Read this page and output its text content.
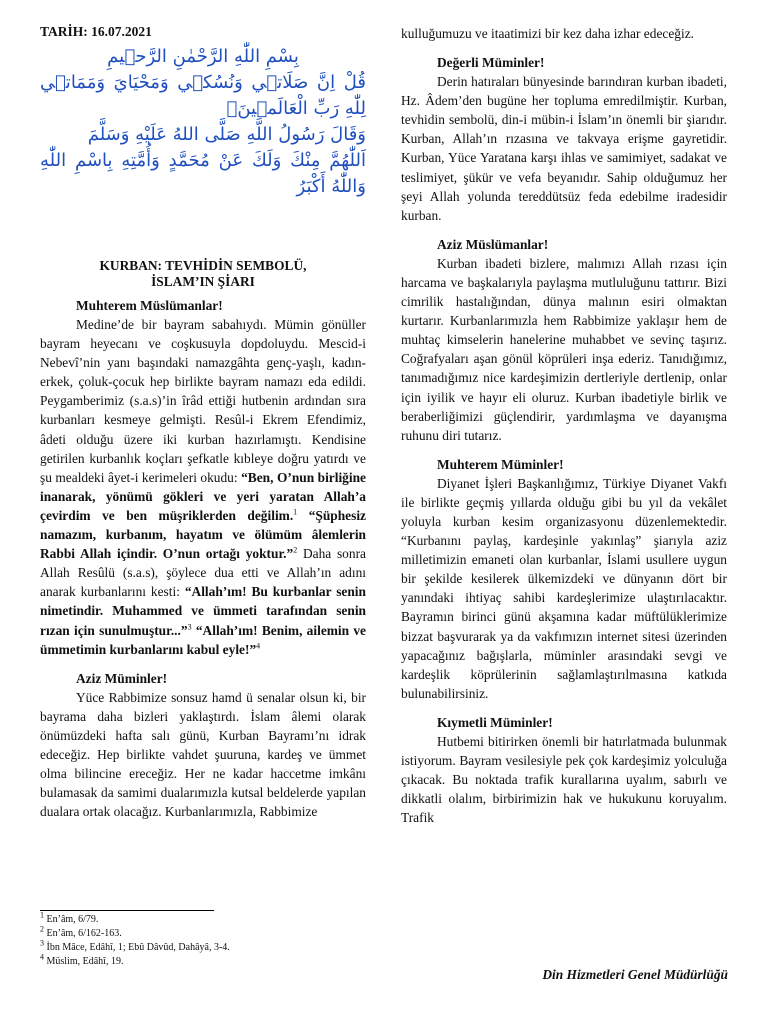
TARİH: 16.07.2021
بِسْمِ اللّٰهِ الرَّحْمٰنِ الرَّح۪يمِ
قُلْ اِنَّ صَلَاتٖي وَنُسُكٖي وَمَحْيَايَ وَمَمَاتٖي لِلّٰهِ رَبِّ الْعَالَم۪ينَۙ
وَقَالَ رَسُولُ اللَّهِ صَلَّى اللهُ عَلَيْهِ وَسَلَّمَ
اَللّٰهُمَّ مِنْكَ وَلَكَ عَنْ مُحَمَّدٍ وَأُمَّتِهِ بِاسْمِ اللّٰهِ وَاللّٰهُ أَكْبَرُ
KURBAN: TEVHİDİN SEMBOLÜ,
İSLAM’IN ŞİARI
Muhterem Müslümanlar!

Medine’de bir bayram sabahıydı. Mümin gönüller bayram heyecanı ve coşkusuyla dopdoluydu. Mescid-i Nebevî’nin yanı başındaki namazgâhta genç-yaşlı, kadın-erkek, çoluk-çocuk hep birlikte bayram namazı eda edildi. Peygamberimiz (s.a.s)’in îrâd ettiği hutbenin ardından sıra kurbanları kesmeye gelmişti. Resûl-i Ekrem Efendimiz, âdeti olduğu üzere iki kurban hazırlamıştı. Kendisine getirilen kurbanlık koçları şefkatle kıbleye doğru yatırdı ve şu mealdeki âyet-i kerimeleri okudu: “Ben, O’nun birliğine inanarak, yönümü gökleri ve yeri yaratan Allah’a çevirdim ve ben müşriklerden değilim.$^1$ “Şüphesiz namazım, kurbanım, hayatım ve ölümüm âlemlerin Rabbi Allah içindir. O’nun ortağı yoktur.”$^2$ Daha sonra Allah Resûlü (s.a.s), şöylece dua etti ve Allah’ın adını anarak kurbanlarını kesti: “Allah’ım! Bu kurbanlar senin nimetindir. Muhammed ve ümmeti tarafından senin rızan için sunulmuştur...”$^3$ “Allah’ım! Benim, ailemin ve ümmetimin kurbanlarını kabul eyle!”$^4$

Aziz Müminler!

Yüce Rabbimize sonsuz hamd ü senalar olsun ki, bir bayrama daha bizleri yaklaştırdı. İslam âlemi olarak önümüzdeki hafta salı günü, Kurban Bayramı’nı idrak edeceğiz. Hep birlikte vahdet şuuruna, kardeş ve ümmet olma bilincine ereceğiz. Her ne kadar haccetme imkânı bulamasak da samimi dualarımızla kutsal beldelerde yapılan dualara ortak olacağız. Kurbanlarımızla, Rabbimize

$^1$ En’âm, 6/79.
$^2$ En’âm, 6/162-163.
$^3$ İbn Mâce, Edâhî, 1; Ebû Dâvûd, Dahâyâ, 3-4.
$^4$ Müslim, Edâhî, 19.

kulluğumuzu ve itaatimizi bir kez daha izhar edeceğiz.

Değerli Müminler!

Derin hatıraları bünyesinde barındıran kurban ibadeti, Hz. Âdem’den bugüne her topluma emredilmiştir. Kurban, tevhidin sembolü, din-i mübin-i İslam’ın önemli bir şiarıdır. Kurban, Allah’ın rızasına ve takvaya erişme gayretidir. Kurban, Yüce Yaratana karşı ihlas ve samimiyet, sadakat ve teslimiyet, şükür ve vefa beyanıdır. Sahip olduğumuz her şeyi Allah yolunda tereddütsüz feda edebilme iradesidir kurban.

Aziz Müslümanlar!

Kurban ibadeti bizlere, malımızı Allah rızası için harcama ve başkalarıyla paylaşma mutluluğunu tattırır. Bizi cimrilik hastalığından, dünya malının esiri olmaktan kurtarır. Kurbanlarımızla hem Rabbimize yaklaşır hem de muhtaç kimselerin hanelerine muhabbet ve sevinç taşırız. Coğrafyaları aşan gönül köprüleri inşa ederiz. Tanıdığımız, tanımadığımız nice kardeşimizin dertleriyle dertlenip, onlar için iyilik ve hayır eli oluruz. Kurban ibadetiyle birlik ve beraberliğimizi güçlendirir, yardımlaşma ve dayanışma ruhunu diri tutarız.

Muhterem Müminler!

Diyanet İşleri Başkanlığımız, Türkiye Diyanet Vakfı ile birlikte geçmiş yıllarda olduğu gibi bu yıl da vekâlet yoluyla kurban kesim organizasyonu düzenlemektedir. “Kurbanını paylaş, kardeşinle yakınlaş” şiarıyla aziz milletimizin emaneti olan kurbanlar, İslami usullere uygun bir şekilde kesilerek ülkemizdeki ve dünyanın dört bir yanındaki ihtiyaç sahibi kardeşlerimize ulaştırılacaktır. Bayramın birinci günü akşamına kadar müftülüklerimize bizzat başvurarak ya da vakfımızın internet sitesi üzerinden yapacağınız bağışlarla, müminler arasındaki sevgi ve kardeşlik köprülerinin sağlamlaştırılmasına katkıda bulunabilirsiniz.

Kıymetli Müminler!

Hutbemi bitirirken önemli bir hatırlatmada bulunmak istiyorum. Bayram vesilesiyle pek çok kardeşimiz yolculuğa çıkacak. Bu noktada trafik kurallarına uyalım, sabırlı ve dikkatli olalım, birbirimizin hak ve hukukunu koruyalım. Trafik

Din Hizmetleri Genel Müdürlüğü
